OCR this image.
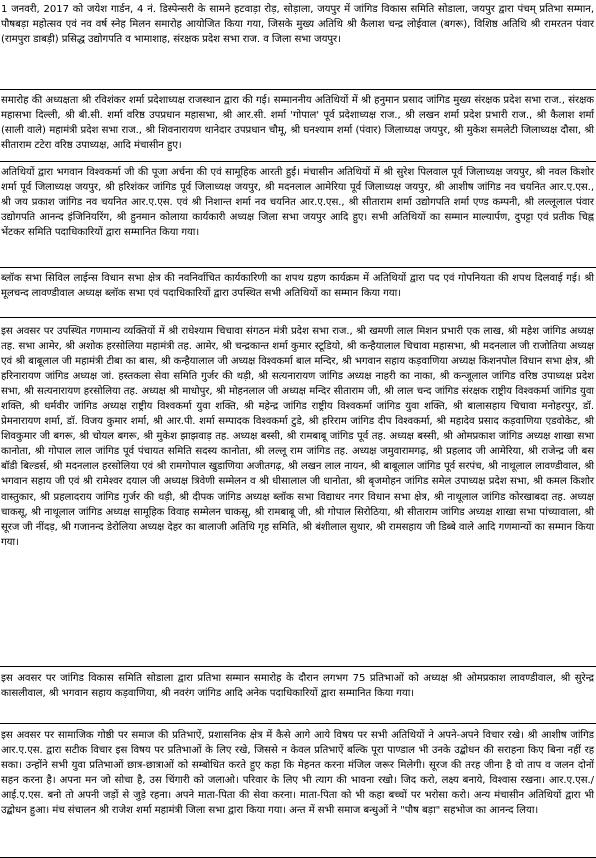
1 जनवरी, 2017 को जयेश गार्डन, 4 नं. डिस्पेन्सरी के सामने हटवाड़ा रोड़, सोड़ाला, जयपुर में जांगिड विकास समिति सोडाला, जयपुर द्वारा पंचम् प्रतिभा सम्मान, पौषबड़ा महोत्सव एवं नव वर्ष स्नेह मिलन समारोह आयोजित किया गया, जिसके मुख्य अतिथि श्री कैलाश चन्द्र लोईवाल (बगरू), विशिष्ठ अतिथि श्री रामरतन पंवार (रामपुरा डाबड़ी) प्रसिद्ध उद्योगपति व भामाशाह, संरक्षक प्रदेश सभा राज. व जिला सभा जयपुर।

समारोह की अध्यक्षता श्री रविशंकर शर्मा प्रदेशाध्यक्ष राजस्थान द्वारा की गई। सम्माननीय अतिथियों में श्री हनुमान प्रसाद जांगिड मुख्य संरक्षक प्रदेश सभा राज., संरक्षक महासभा दिल्ली, श्री बी.सी. शर्मा वरिष्ठ उपप्रधान महासभा, श्री आर.सी. शर्मा 'गोपाल' पूर्व प्रदेशाध्यक्ष राज., श्री लखन शर्मा प्रदेश प्रभारी राज., श्री कैलाश शर्मा (साली वाले) महामंत्री प्रदेश सभा राज., श्री शिवनारायण थानेदार उपप्रधान चौमू, श्री घनश्याम शर्मा (पंवार) जिलाध्यक्ष जयपुर, श्री मुकेश समलेटी जिलाध्यक्ष दौसा, श्री सीताराम टटेरा वरिष्ठ उपाध्यक्ष, आदि मंचासीन हुए।

अतिथियों द्वारा भगवान विश्वकर्मा जी की पूजा अर्चना की एवं सामूहिक आरती हुई। मंचासीन अतिथियों में श्री सुरेश पिलवाल पूर्व जिलाध्यक्ष जयपुर, श्री नवल किशोर शर्मा पूर्व जिलाध्यक्ष जयपुर, श्री हरिशंकर जांगिड पूर्व जिलाध्यक्ष जयपुर, श्री मदनलाल आमेरिया पूर्व जिलाध्यक्ष जयपुर, श्री आशीष जांगिड नव चयनित आर.ए.एस., श्री जय प्रकाश जांगिड नव चयनित आर.ए.एस. एवं श्री निशान्त शर्मा नव चयनित आर.ए.एस., श्री सीताराम शर्मा उद्योगपति शर्मा एण्ड कम्पनी, श्री लल्लूलाल पंवार उद्योगपति आनन्द इंजिनियरिंग, श्री हुनमान कोलाया कार्यकारी अध्यक्ष जिला सभा जयपुर आदि हुए। सभी अतिथियों का सम्मान माल्यार्पण, दुपट्टा एवं प्रतीक चिह्न भेंटकर समिति पदाधिकारियों द्वारा सम्मानित किया गया।

ब्लॉक सभा सिविल लाईन्स विधान सभा क्षेत्र की नवनिर्वाचित कार्यकारिणी का शपथ ग्रहण कार्यक्रम में अतिथियों द्वारा पद एवं गोपनियता की शपथ दिलवाई गई। श्री मूलचन्द लावण्डीवाल अध्यक्ष ब्लॉक सभा एवं पदाधिकारियों द्वारा उपस्थित सभी अतिथियों का सम्मान किया गया।

इस अवसर पर उपस्थित गणमान्य व्यक्तियों में श्री राधेश्याम चिचावा संगठन मंत्री प्रदेश सभा राज., श्री खमणी लाल मिशन प्रभारी एक लाख, श्री महेश जांगिड अध्यक्ष तह. सभा आमेर, श्री अशोक हरसोलिया महामंत्री तह. आमेर, श्री चन्द्रकान्त शर्मा कुमार स्टूडियो, श्री कन्हैयालाल चिचावा महासभा, श्री मदनलाल जी राजोतिया अध्यक्ष एवं श्री बाबूलाल जी महामंत्री टीबा का बास, श्री कन्हैयालाल जी अध्यक्ष विश्वकर्मा बाल मन्दिर, श्री भगवान सहाय कड़वाणिया अध्यक्ष किशनपोल विधान सभा क्षेत्र, श्री हरिनारायण जांगिड अध्यक्ष जां. हस्तकला सेवा समिति गुर्जर की थड़ी, श्री सत्यनारायण जांगिड अध्यक्ष नाहरी का नाका, श्री कन्जूलाल जांगिड वरिष्ठ उपाध्यक्ष प्रदेश सभा, श्री सत्यनारायण हरसोलिया तह. अध्यक्ष श्री माधोपुर, श्री मोहनलाल जी अध्यक्ष मन्दिर सीताराम जी, श्री लाल चन्द जांगिड संरक्षक राष्ट्रीय विश्वकर्मा जांगिड युवा शक्ति, श्री धर्मवीर जांगिड अध्यक्ष राष्ट्रीय विश्वकर्मा युवा शक्ति, श्री महेन्द्र जांगिड राष्ट्रीय विश्वकर्मा जांगिड युवा शक्ति, श्री बालासहाय चिचावा मनोहरपुर, डॉ. प्रेमनारायण शर्मा, डॉ. विजय कुमार शर्मा, श्री आर.पी. शर्मा सम्पादक विश्वकर्मा टुडे, श्री हरिराम जांगिड दीप विश्वकर्मा, श्री महादेव प्रसाद कड़वाणिया एडवोकेट, श्री शिवकुमार जी बगरू, श्री चोयल बगरू, श्री मुकेश झाझवाड़ तह. अध्यक्ष बस्सी, श्री रामबाबू जांगिड पूर्व तह. अध्यक्ष बस्सी, श्री ओमप्रकाश जांगिड अध्यक्ष शाखा सभा कानोता, श्री गोपाल लाल जांगिड पूर्व पंचायत समिति सदस्य कानोता, श्री लल्लू राम जांगिड तह. अध्यक्ष जमुवारामगढ़, श्री प्रहलाद जी आमेरिया, श्री राजेन्द्र जी बस बॉडी बिल्डर्स, श्री मदनलाल हरसोलिया एवं श्री रामगोपाल खुडाणिया अजीतगढ़, श्री लखन लाल नायन, श्री बाबूलाल जांगिड पूर्व सरपंच, श्री नाथूलाल लावण्डीवाल, श्री भगवान सहाय जी एवं श्री रामेश्वर दयाल जी अध्यक्ष त्रिवेणी सम्मेलन व श्री धीसालाल जी धानोता, श्री बृजमोहन जांगिड समेल उपाध्यक्ष प्रदेश सभा, श्री कमल किशोर वास्तुकार, श्री प्रहलादराय जांगिड गुर्जर की थड़ी, श्री दीपक जांगिड अध्यक्ष ब्लॉक सभा विद्याधर नगर विधान सभा क्षेत्र, श्री नाथूलाल जांगिड कोरखाबदा तह. अध्यक्ष चाकसू, श्री नाथूलाल जांगिड अध्यक्ष सामूहिक विवाह सम्मेलन चाकसू, श्री रामबाबू जी, श्री गोपाल सिरोठिया, श्री सीताराम जांगिड अध्यक्ष शाखा सभा पांच्यावाला, श्री सूरज जी नींदड़, श्री गजानन्द डेरोलिया अध्यक्ष देहर का बालाजी अतिथि गृह समिति, श्री बंशीलाल सुथार, श्री रामसहाय जी डिब्बे वाले आदि गणमान्यों का सम्मान किया गया।

इस अवसर पर जांगिड विकास समिति सोडाला द्वारा प्रतिभा सम्मान समारोह के दौरान लगभग 75 प्रतिभाओं को अध्यक्ष श्री ओमप्रकाश लावण्डीवाल, श्री सुरेन्द्र कासलीवाल, श्री भगवान सहाय कड़वाणिया, श्री नवरंग जांगिड आदि अनेक पदाधिकारियों द्वारा सम्मानित किया गया।

इस अवसर पर सामाजिक गोष्ठी पर समाज की प्रतिभाऐं, प्रशासनिक क्षेत्र में कैसे आगे आये विषय पर सभी अतिथियों ने अपने-अपने विचार रखे। श्री आशीष जांगिड आर.ए.एस. द्वारा सटीक विचार इस विषय पर प्रतिभाओं के लिए रखे, जिससे न केवल प्रतिभाऐं बल्कि पूरा पाण्डाल भी उनके उद्बोधन की सराहना किए बिना नहीं रह सका। उन्होंने सभी युवा प्रतिभाओं छात्र-छात्राओं को सम्बोधित करते हुए कहा कि मेहनत करना मंजिल जरूर मिलेगी। सूरज की तरह जीना है वो ताप व जलन दोनों सहन करना है। अपना मन जो सोचा है, उस चिंगारी को जलाओ। परिवार के लिए भी त्याग की भावना रखो। जिद करो, लक्ष्य बनाये, विश्वास रखना। आर.ए.एस./आई.ए.एस. बनो तो अपनी जड़ों से जुड़े रहना। अपने माता-पिता की सेवा करना। माता-पिता को भी कहा बच्चों पर भरोसा करो। अन्य मंचासीन अतिथियों द्वारा भी उद्बोधन हुआ। मंच संचालन श्री राजेश शर्मा महामंत्री जिला सभा द्वारा किया गया। अन्त में सभी समाज बन्धुओं ने "पौष बड़ा" सहभोज का आनन्द लिया।
